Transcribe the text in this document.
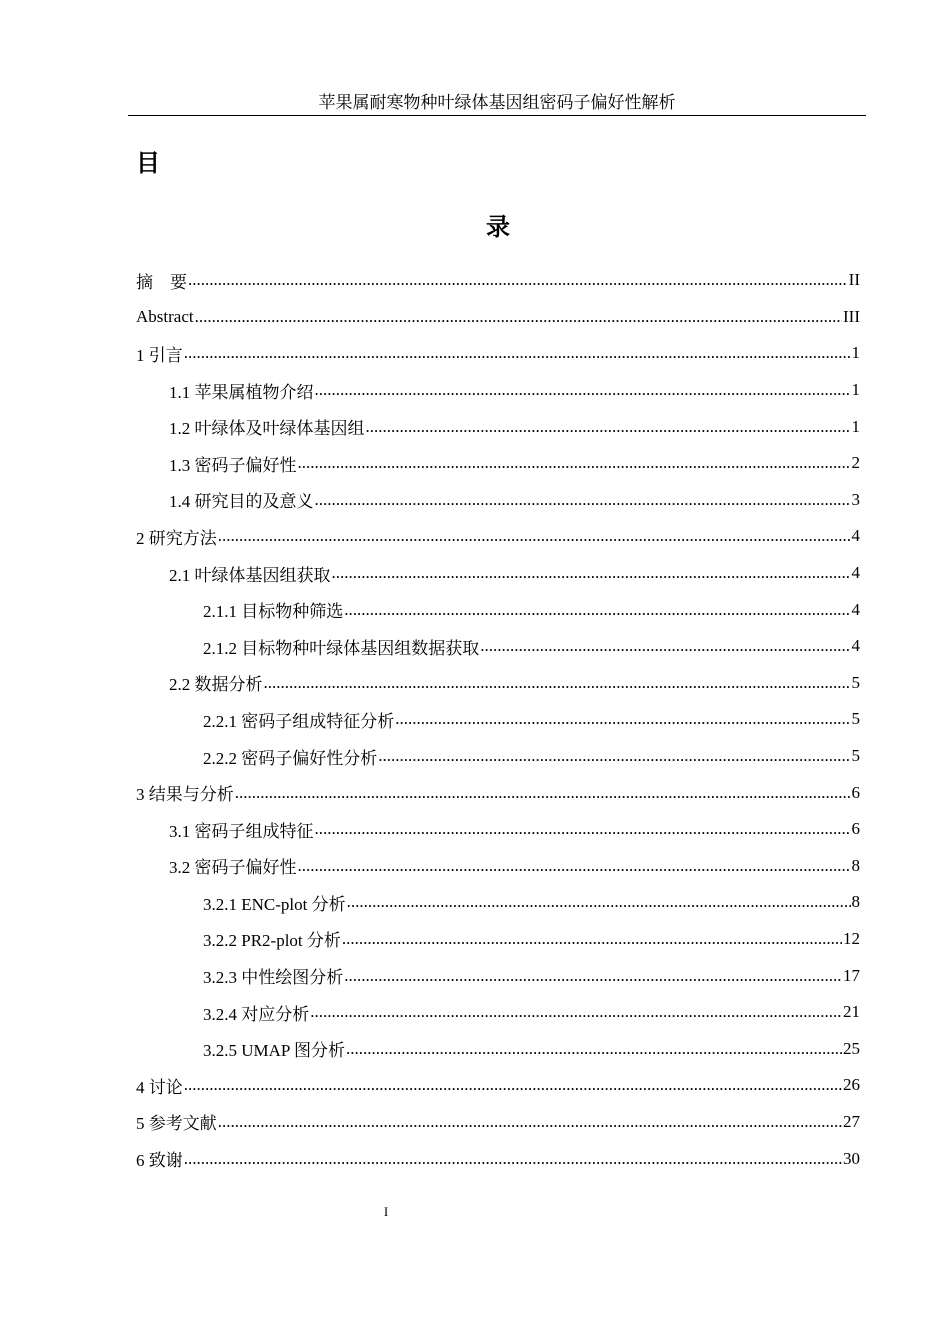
苹果属耐寒物种叶绿体基因组密码子偏好性解析
目
录
摘　要 .....	II
Abstract .....	III
1 引言 .....	1
1.1 苹果属植物介绍 .....	1
1.2 叶绿体及叶绿体基因组 .....	1
1.3 密码子偏好性 .....	2
1.4 研究目的及意义 .....	3
2 研究方法 .....	4
2.1 叶绿体基因组获取 .....	4
2.1.1 目标物种筛选 .....	4
2.1.2 目标物种叶绿体基因组数据获取 .....	4
2.2 数据分析 .....	5
2.2.1 密码子组成特征分析 .....	5
2.2.2 密码子偏好性分析 .....	5
3 结果与分析 .....	6
3.1 密码子组成特征 .....	6
3.2 密码子偏好性 .....	8
3.2.1 ENC-plot 分析 .....	8
3.2.2 PR2-plot 分析 .....	12
3.2.3 中性绘图分析 .....	17
3.2.4 对应分析 .....	21
3.2.5 UMAP 图分析 .....	25
4 讨论 .....	26
5 参考文献 .....	27
6 致谢 .....	30
I
